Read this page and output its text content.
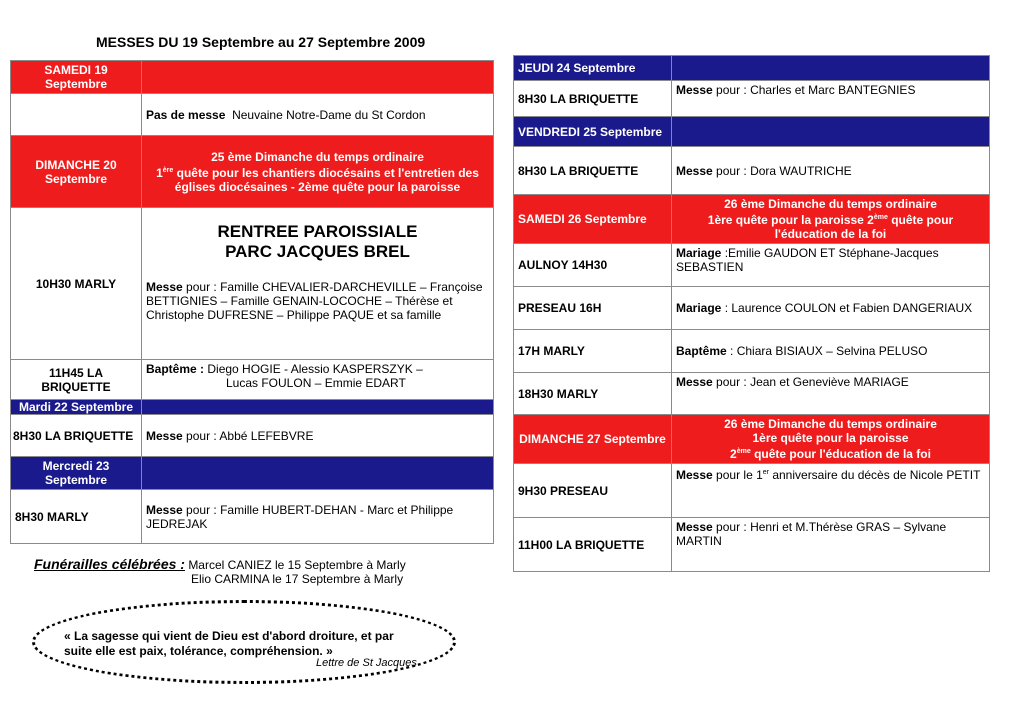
MESSES DU 19 Septembre au 27 Septembre 2009
SAMEDI 19 Septembre	
	Pas de messe Neuvaine Notre-Dame du St Cordon
DIMANCHE 20 Septembre	25 ème Dimanche du temps ordinaire
1ère quête pour les chantiers diocésains et l'entretien des églises diocésaines - 2ème quête pour la paroisse
10H30 MARLY	RENTREE PAROISSIALE
PARC JACQUES BREL
Messe pour : Famille CHEVALIER-DARCHEVILLE – Françoise BETTIGNIES – Famille GENAIN-LOCOCHE – Thérèse et Christophe DUFRESNE – Philippe PAQUE et sa famille
11H45 LA BRIQUETTE	Baptême : Diego HOGIE - Alessio KASPERSZYK –
Lucas FOULON – Emmie EDART
Mardi 22 Septembre	
8H30 LA BRIQUETTE	Messe pour : Abbé LEFEBVRE
Mercredi 23 Septembre	
8H30 MARLY	Messe pour : Famille HUBERT-DEHAN - Marc et Philippe JEDREJAK
JEUDI 24 Septembre	
8H30 LA BRIQUETTE	Messe pour : Charles et Marc BANTEGNIES
VENDREDI 25 Septembre	
8H30 LA BRIQUETTE	Messe pour : Dora WAUTRICHE
SAMEDI 26 Septembre	26 ème Dimanche du temps ordinaire
1ère quête pour la paroisse 2ème quête pour l'éducation de la foi
AULNOY 14H30	Mariage :Emilie GAUDON ET Stéphane-Jacques SEBASTIEN
PRESEAU 16H	Mariage : Laurence COULON et Fabien DANGERIAUX
17H MARLY	Baptême : Chiara BISIAUX – Selvina PELUSO
18H30 MARLY	Messe pour : Jean et Geneviève MARIAGE
DIMANCHE 27 Septembre	26 ème Dimanche du temps ordinaire
1ère quête pour la paroisse
2ème quête pour l'éducation de la foi
9H30 PRESEAU	Messe pour le 1er anniversaire du décès de Nicole PETIT
11H00 LA BRIQUETTE	Messe pour : Henri et M.Thérèse GRAS – Sylvane MARTIN
Funérailles célébrées : Marcel CANIEZ le 15 Septembre à Marly
Elio CARMINA le 17 Septembre à Marly
« La sagesse qui vient de Dieu est d'abord droiture, et par suite elle est paix, tolérance, compréhension. »
Lettre de St Jacques
